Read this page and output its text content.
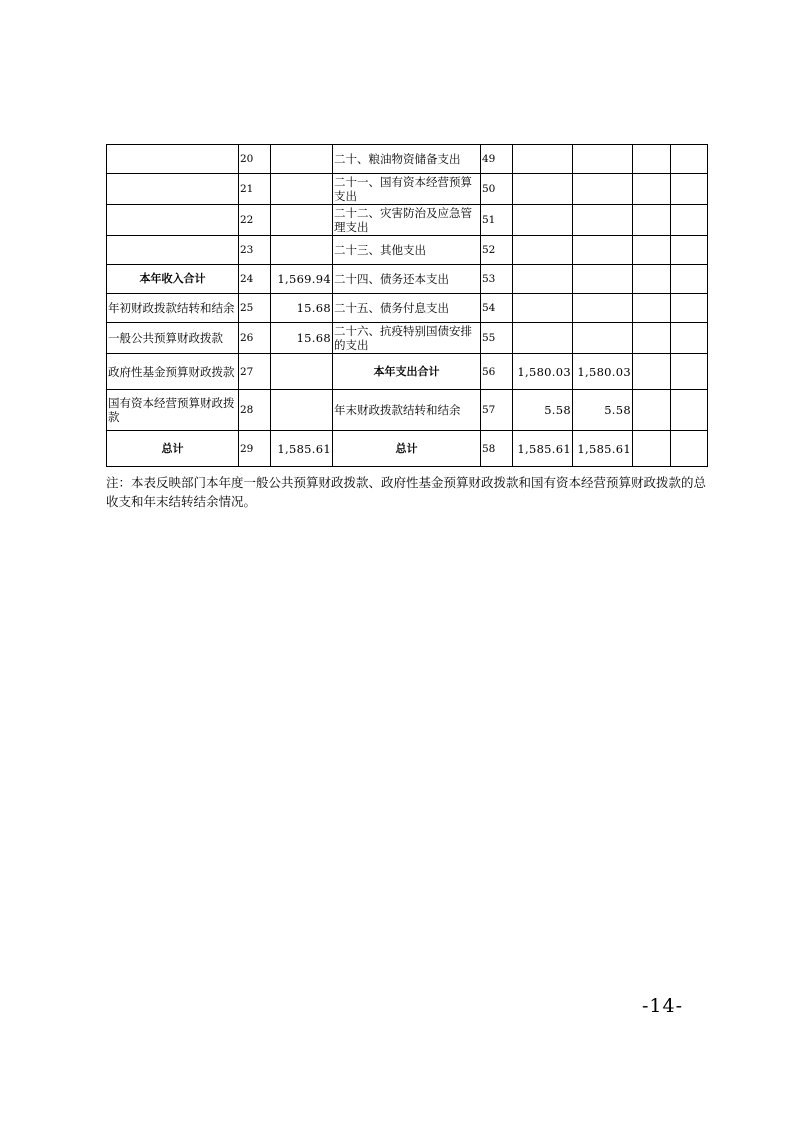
	20		二十、粮油物资储备支出	49				
	21		二十一、国有资本经营预算支出	50				
	22		二十二、灾害防治及应急管理支出	51				
	23		二十三、其他支出	52				
本年收入合计	24	1,569.94	二十四、债务还本支出	53				
年初财政拨款结转和结余	25	15.68	二十五、债务付息支出	54				
一般公共预算财政拨款	26	15.68	二十六、抗疫特别国债安排的支出	55				
政府性基金预算财政拨款	27		本年支出合计	56	1,580.03	1,580.03		
国有资本经营预算财政拨款	28		年末财政拨款结转和结余	57	5.58	5.58		
总计	29	1,585.61	总计	58	1,585.61	1,585.61		

注：本表反映部门本年度一般公共预算财政拨款、政府性基金预算财政拨款和国有资本经营预算财政拨款的总收支和年末结转结余情况。

-14-
